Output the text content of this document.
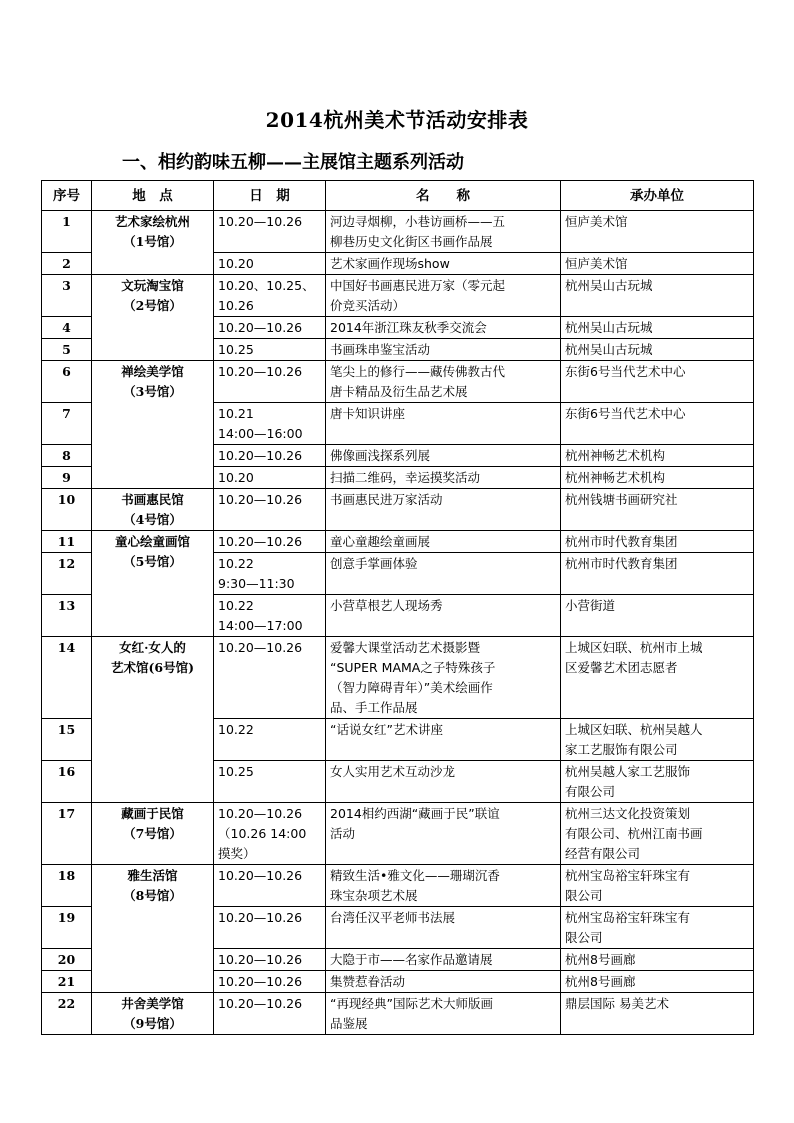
2014杭州美术节活动安排表
一、相约韵味五柳——主展馆主题系列活动
序号	地　点	日　期	名　　称	承办单位
1	艺术家绘杭州
（1号馆）	10.20—10.26	河边寻烟柳，小巷访画桥——五
柳巷历史文化街区书画作品展	恒庐美术馆

2		10.20	艺术家画作现场show	恒庐美术馆

3	文玩淘宝馆
（2号馆）	10.20、10.25、
10.26	中国好书画惠民进万家（零元起
价竞买活动）	杭州吴山古玩城

4		10.20—10.26	2014年浙江珠友秋季交流会	杭州吴山古玩城

5		10.25	书画珠串鉴宝活动	杭州吴山古玩城

6	禅绘美学馆
（3号馆）	10.20—10.26	笔尖上的修行——藏传佛教古代
唐卡精品及衍生品艺术展	东街6号当代艺术中心

7		10.21
14:00—16:00	唐卡知识讲座	东街6号当代艺术中心

8		10.20—10.26	佛像画浅探系列展	杭州神畅艺术机构

9		10.20	扫描二维码，幸运摸奖活动	杭州神畅艺术机构

10	书画惠民馆
（4号馆）	10.20—10.26	书画惠民进万家活动	杭州钱塘书画研究社

11	童心绘童画馆
（5号馆）	10.20—10.26	童心童趣绘童画展	杭州市时代教育集团

12		10.22
9:30—11:30	创意手掌画体验	杭州市时代教育集团

13		10.22
14:00—17:00	小营草根艺人现场秀	小营街道

14	女红·女人的
艺术馆(6号馆)	10.20—10.26	爱馨大课堂活动艺术摄影暨
“SUPER MAMA之子特殊孩子
（智力障碍青年）”美术绘画作
品、手工作品展	上城区妇联、杭州市上城
区爱馨艺术团志愿者

15		10.22	“话说女红”艺术讲座	上城区妇联、杭州吴越人
家工艺服饰有限公司

16		10.25	女人实用艺术互动沙龙	杭州吴越人家工艺服饰
有限公司

17	藏画于民馆
（7号馆）	10.20—10.26
（10.26 14:00
摸奖）	2014相约西湖“藏画于民”联谊
活动	杭州三达文化投资策划
有限公司、杭州江南书画
经营有限公司

18	雅生活馆
（8号馆）	10.20—10.26	精致生活•雅文化——珊瑚沉香
珠宝杂项艺术展	杭州宝岛裕宝轩珠宝有
限公司

19		10.20—10.26	台湾任汉平老师书法展	杭州宝岛裕宝轩珠宝有
限公司

20		10.20—10.26	大隐于市——名家作品邀请展	杭州8号画廊

21		10.20—10.26	集赞惹眷活动	杭州8号画廊

22	井舍美学馆
（9号馆）	10.20—10.26	“再现经典”国际艺术大师版画
品鉴展	鼎层国际 易美艺术
